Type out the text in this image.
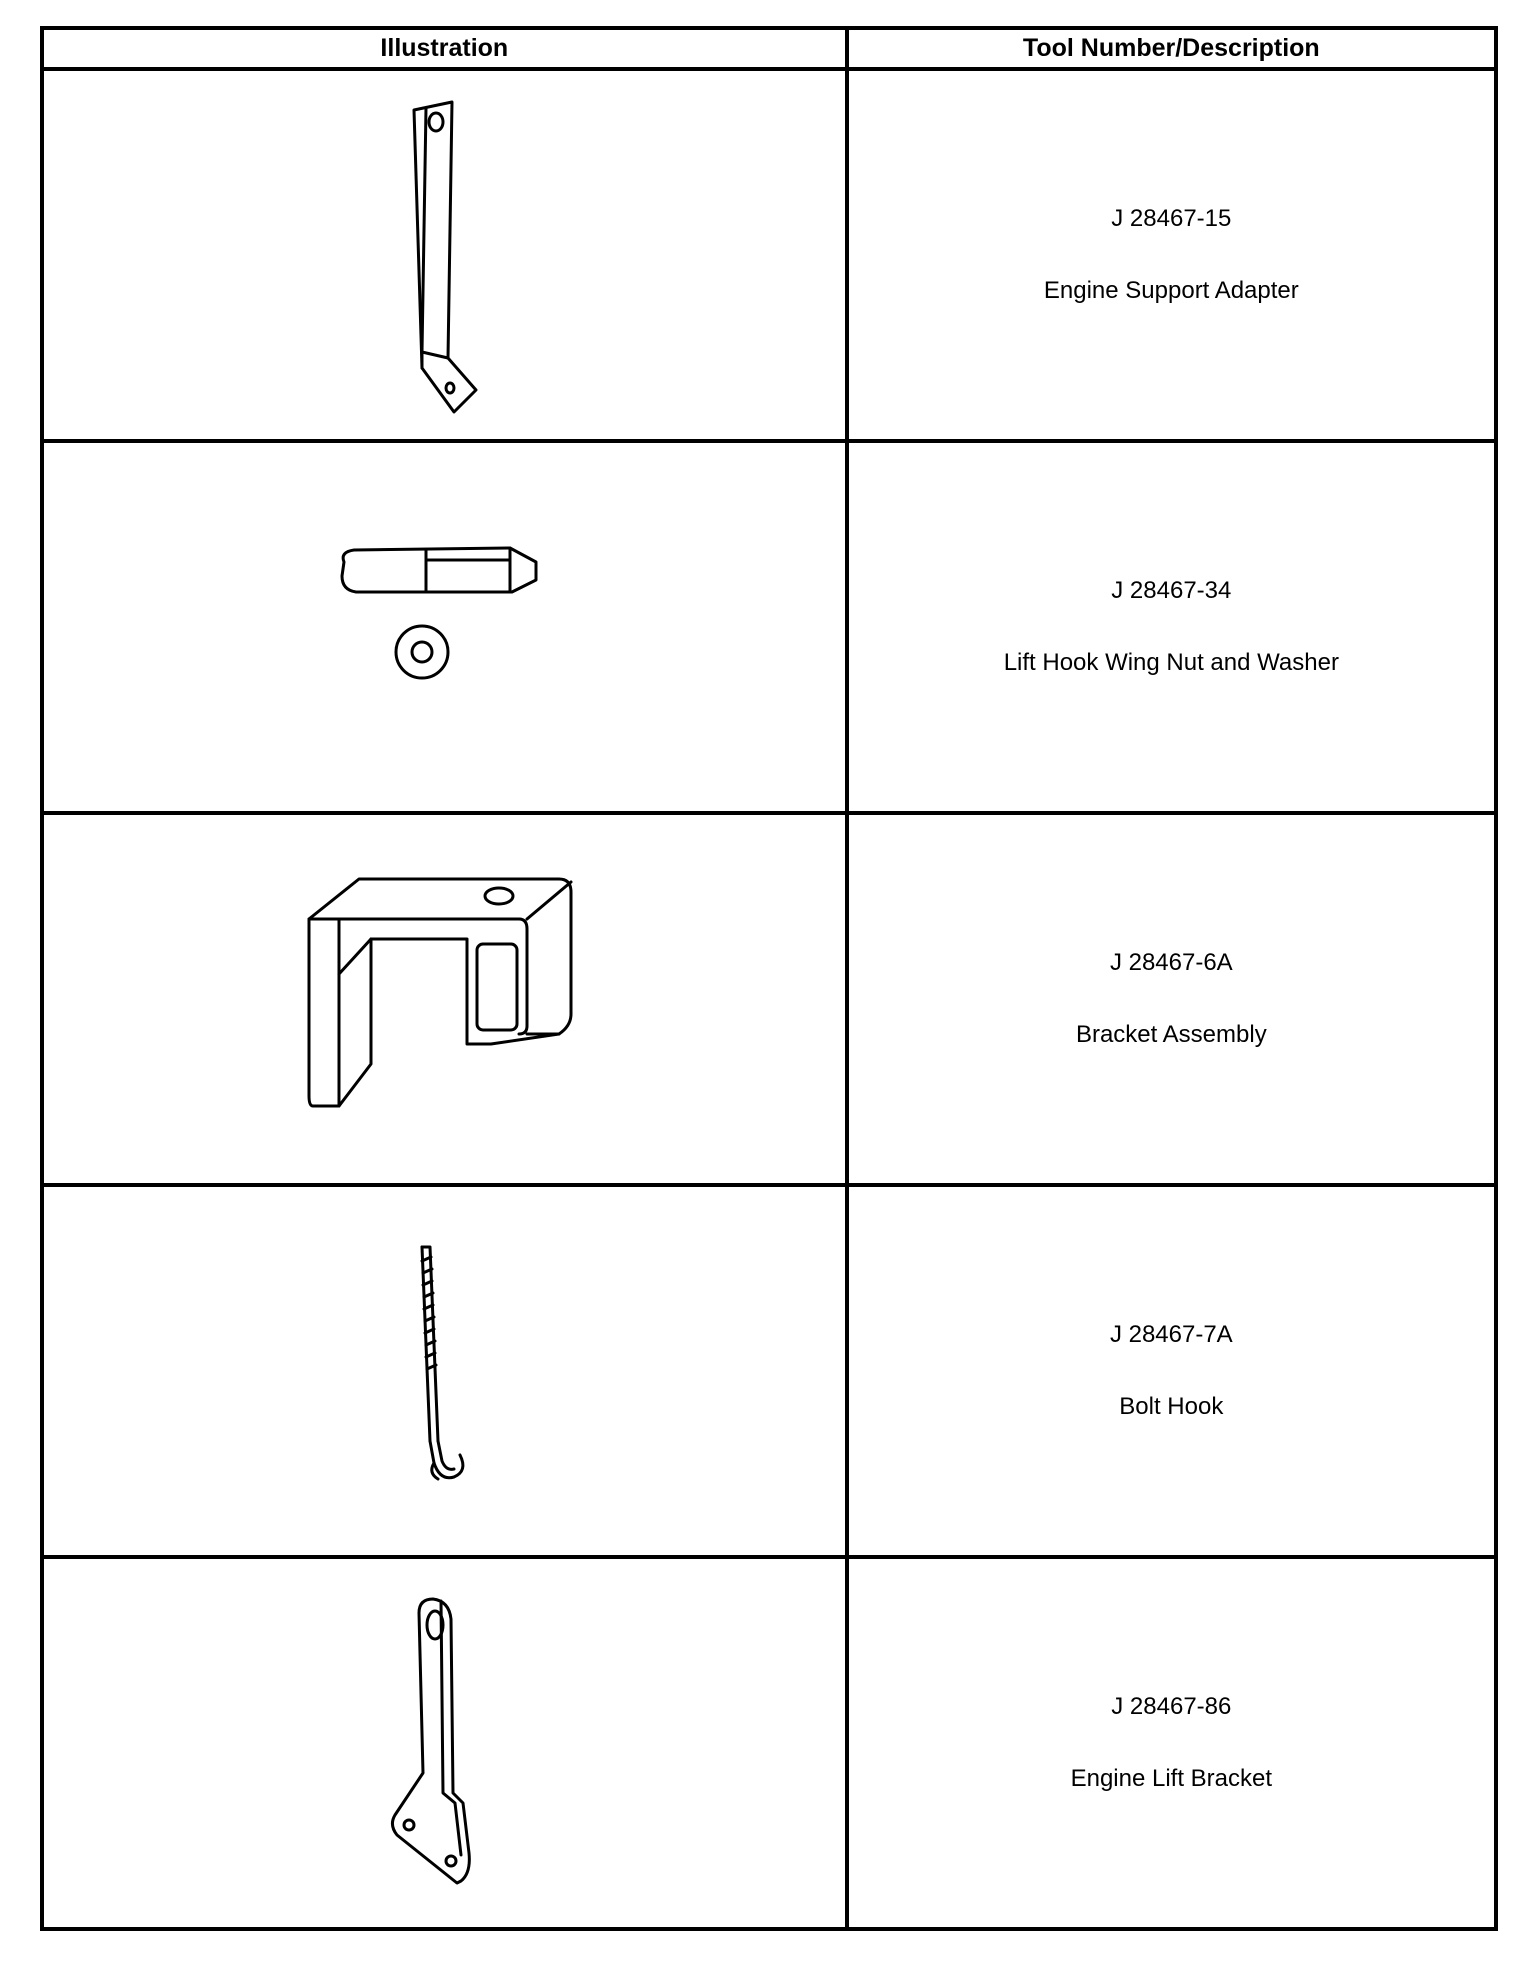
Illustration	Tool Number/Description

J 28467-15
Engine Support Adapter

J 28467-34
Lift Hook Wing Nut and Washer

J 28467-6A
Bracket Assembly

J 28467-7A
Bolt Hook

J 28467-86
Engine Lift Bracket
